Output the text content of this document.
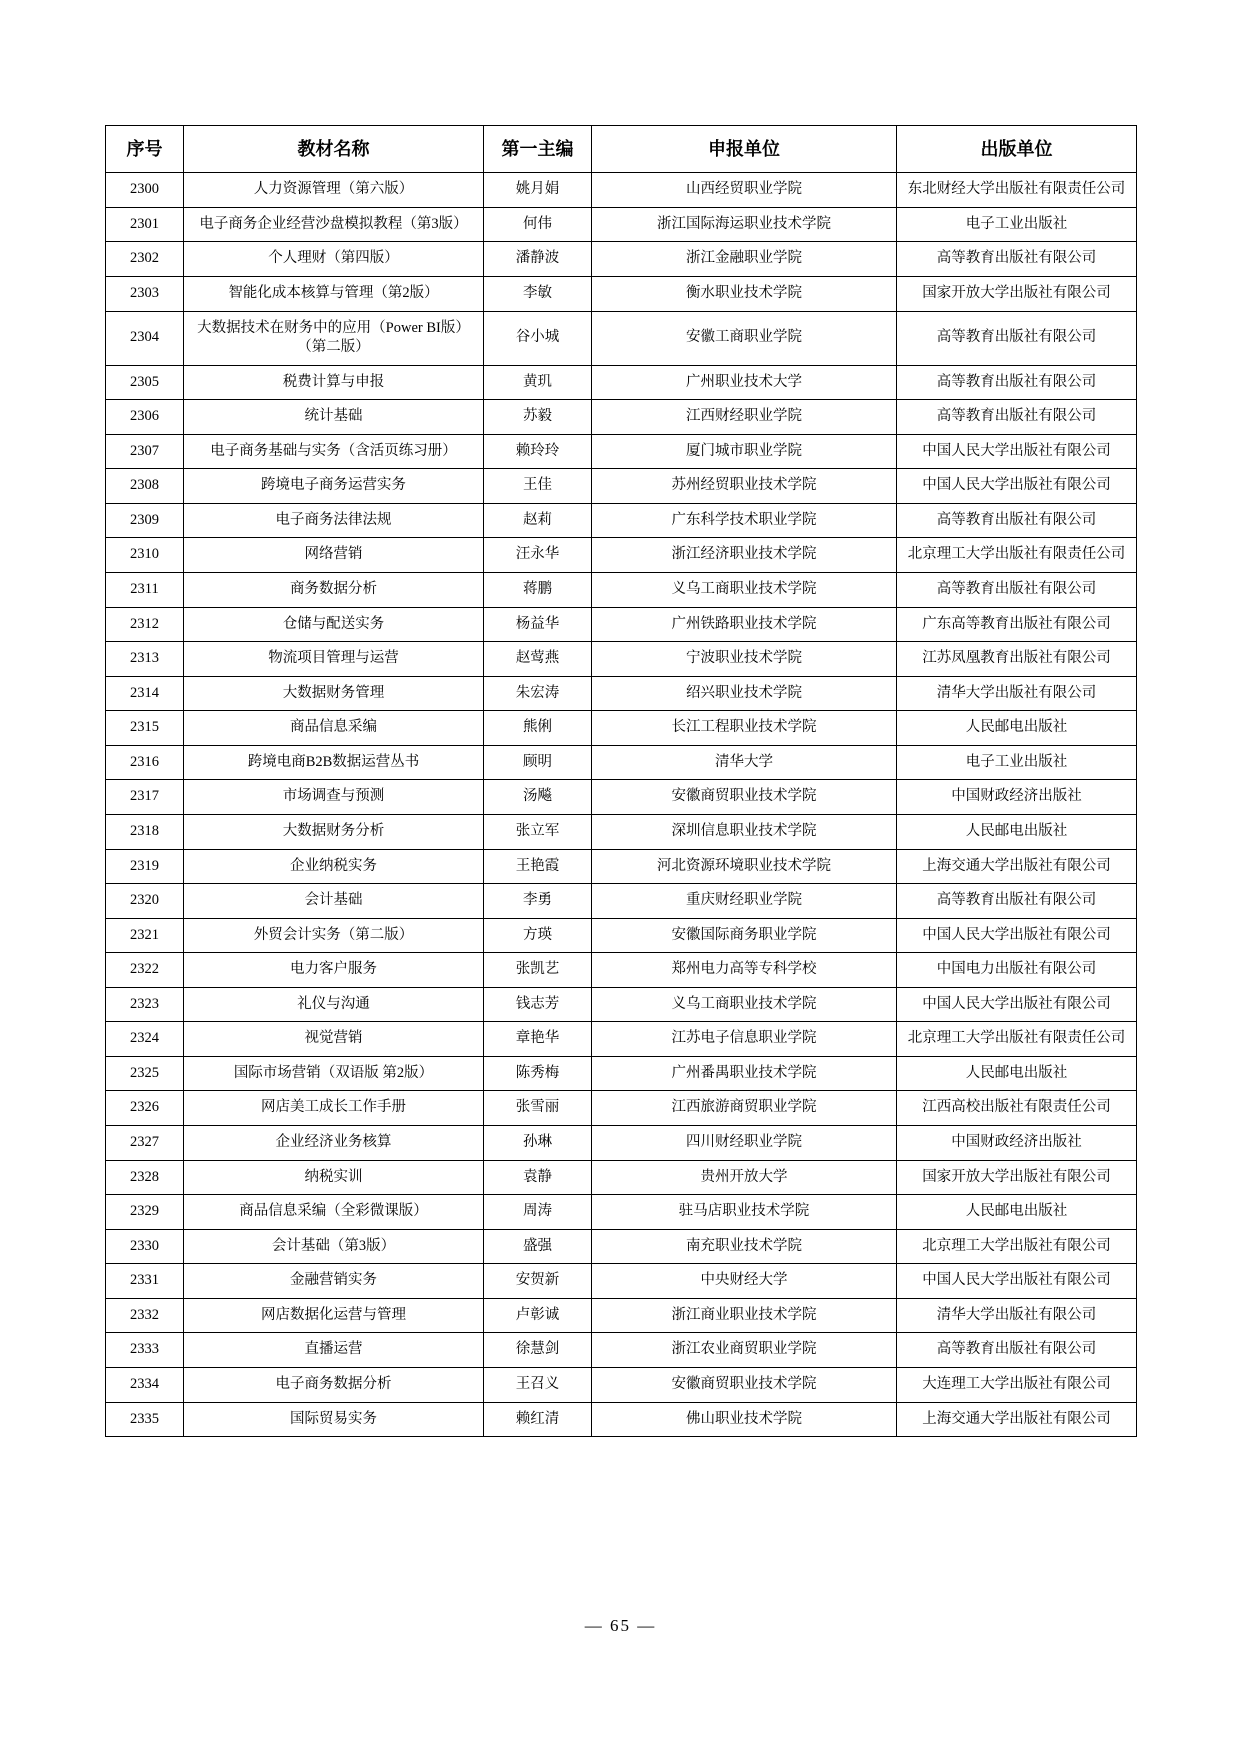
序号	教材名称	第一主编	申报单位	出版单位
2300	人力资源管理（第六版）	姚月娟	山西经贸职业学院	东北财经大学出版社有限责任公司
2301	电子商务企业经营沙盘模拟教程（第3版）	何伟	浙江国际海运职业技术学院	电子工业出版社
2302	个人理财（第四版）	潘静波	浙江金融职业学院	高等教育出版社有限公司
2303	智能化成本核算与管理（第2版）	李敏	衡水职业技术学院	国家开放大学出版社有限公司
2304	大数据技术在财务中的应用（Power BI版）（第二版）	谷小城	安徽工商职业学院	高等教育出版社有限公司
2305	税费计算与申报	黄玑	广州职业技术大学	高等教育出版社有限公司
2306	统计基础	苏毅	江西财经职业学院	高等教育出版社有限公司
2307	电子商务基础与实务（含活页练习册）	赖玲玲	厦门城市职业学院	中国人民大学出版社有限公司
2308	跨境电子商务运营实务	王佳	苏州经贸职业技术学院	中国人民大学出版社有限公司
2309	电子商务法律法规	赵莉	广东科学技术职业学院	高等教育出版社有限公司
2310	网络营销	汪永华	浙江经济职业技术学院	北京理工大学出版社有限责任公司
2311	商务数据分析	蒋鹏	义乌工商职业技术学院	高等教育出版社有限公司
2312	仓储与配送实务	杨益华	广州铁路职业技术学院	广东高等教育出版社有限公司
2313	物流项目管理与运营	赵莺燕	宁波职业技术学院	江苏凤凰教育出版社有限公司
2314	大数据财务管理	朱宏涛	绍兴职业技术学院	清华大学出版社有限公司
2315	商品信息采编	熊俐	长江工程职业技术学院	人民邮电出版社
2316	跨境电商B2B数据运营丛书	顾明	清华大学	电子工业出版社
2317	市场调查与预测	汤飚	安徽商贸职业技术学院	中国财政经济出版社
2318	大数据财务分析	张立军	深圳信息职业技术学院	人民邮电出版社
2319	企业纳税实务	王艳霞	河北资源环境职业技术学院	上海交通大学出版社有限公司
2320	会计基础	李勇	重庆财经职业学院	高等教育出版社有限公司
2321	外贸会计实务（第二版）	方瑛	安徽国际商务职业学院	中国人民大学出版社有限公司
2322	电力客户服务	张凯艺	郑州电力高等专科学校	中国电力出版社有限公司
2323	礼仪与沟通	钱志芳	义乌工商职业技术学院	中国人民大学出版社有限公司
2324	视觉营销	章艳华	江苏电子信息职业学院	北京理工大学出版社有限责任公司
2325	国际市场营销（双语版 第2版）	陈秀梅	广州番禺职业技术学院	人民邮电出版社
2326	网店美工成长工作手册	张雪丽	江西旅游商贸职业学院	江西高校出版社有限责任公司
2327	企业经济业务核算	孙琳	四川财经职业学院	中国财政经济出版社
2328	纳税实训	袁静	贵州开放大学	国家开放大学出版社有限公司
2329	商品信息采编（全彩微课版）	周涛	驻马店职业技术学院	人民邮电出版社
2330	会计基础（第3版）	盛强	南充职业技术学院	北京理工大学出版社有限公司
2331	金融营销实务	安贺新	中央财经大学	中国人民大学出版社有限公司
2332	网店数据化运营与管理	卢彰诚	浙江商业职业技术学院	清华大学出版社有限公司
2333	直播运营	徐慧剑	浙江农业商贸职业学院	高等教育出版社有限公司
2334	电子商务数据分析	王召义	安徽商贸职业技术学院	大连理工大学出版社有限公司
2335	国际贸易实务	赖红清	佛山职业技术学院	上海交通大学出版社有限公司
— 65 —
